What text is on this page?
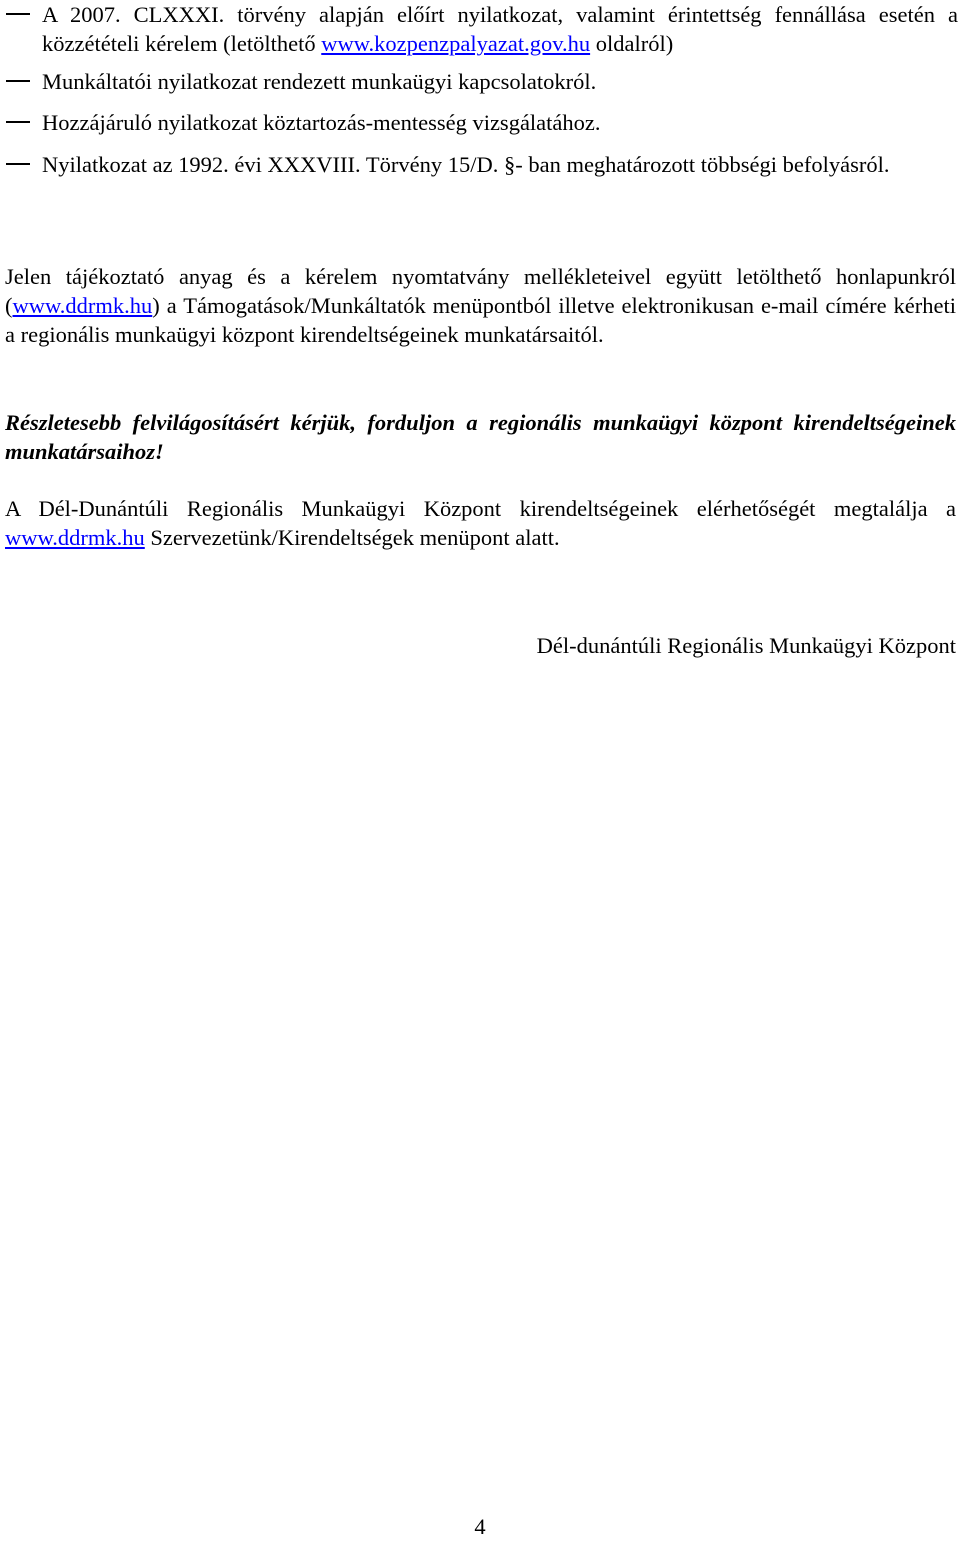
A 2007. CLXXXI. törvény alapján előírt nyilatkozat, valamint érintettség fennállása esetén a közzétételi kérelem (letölthető www.kozpenzpalyazat.gov.hu oldalról)
Munkáltatói nyilatkozat rendezett munkaügyi kapcsolatokról.
Hozzájáruló nyilatkozat köztartozás-mentesség vizsgálatához.
Nyilatkozat az 1992. évi XXXVIII. Törvény 15/D. §- ban meghatározott többségi befolyásról.

Jelen tájékoztató anyag és a kérelem nyomtatvány mellékleteivel együtt letölthető honlapunkról (www.ddrmk.hu) a Támogatások/Munkáltatók menüpontból illetve elektronikusan e-mail címére kérheti a regionális munkaügyi központ kirendeltségeinek munkatársaitól.

Részletesebb felvilágosításért kérjük, forduljon a regionális munkaügyi központ kirendeltségeinek munkatársaihoz!

A Dél-Dunántúli Regionális Munkaügyi Központ kirendeltségeinek elérhetőségét megtalálja a www.ddrmk.hu Szervezetünk/Kirendeltségek menüpont alatt.

Dél-dunántúli Regionális Munkaügyi Központ
4
